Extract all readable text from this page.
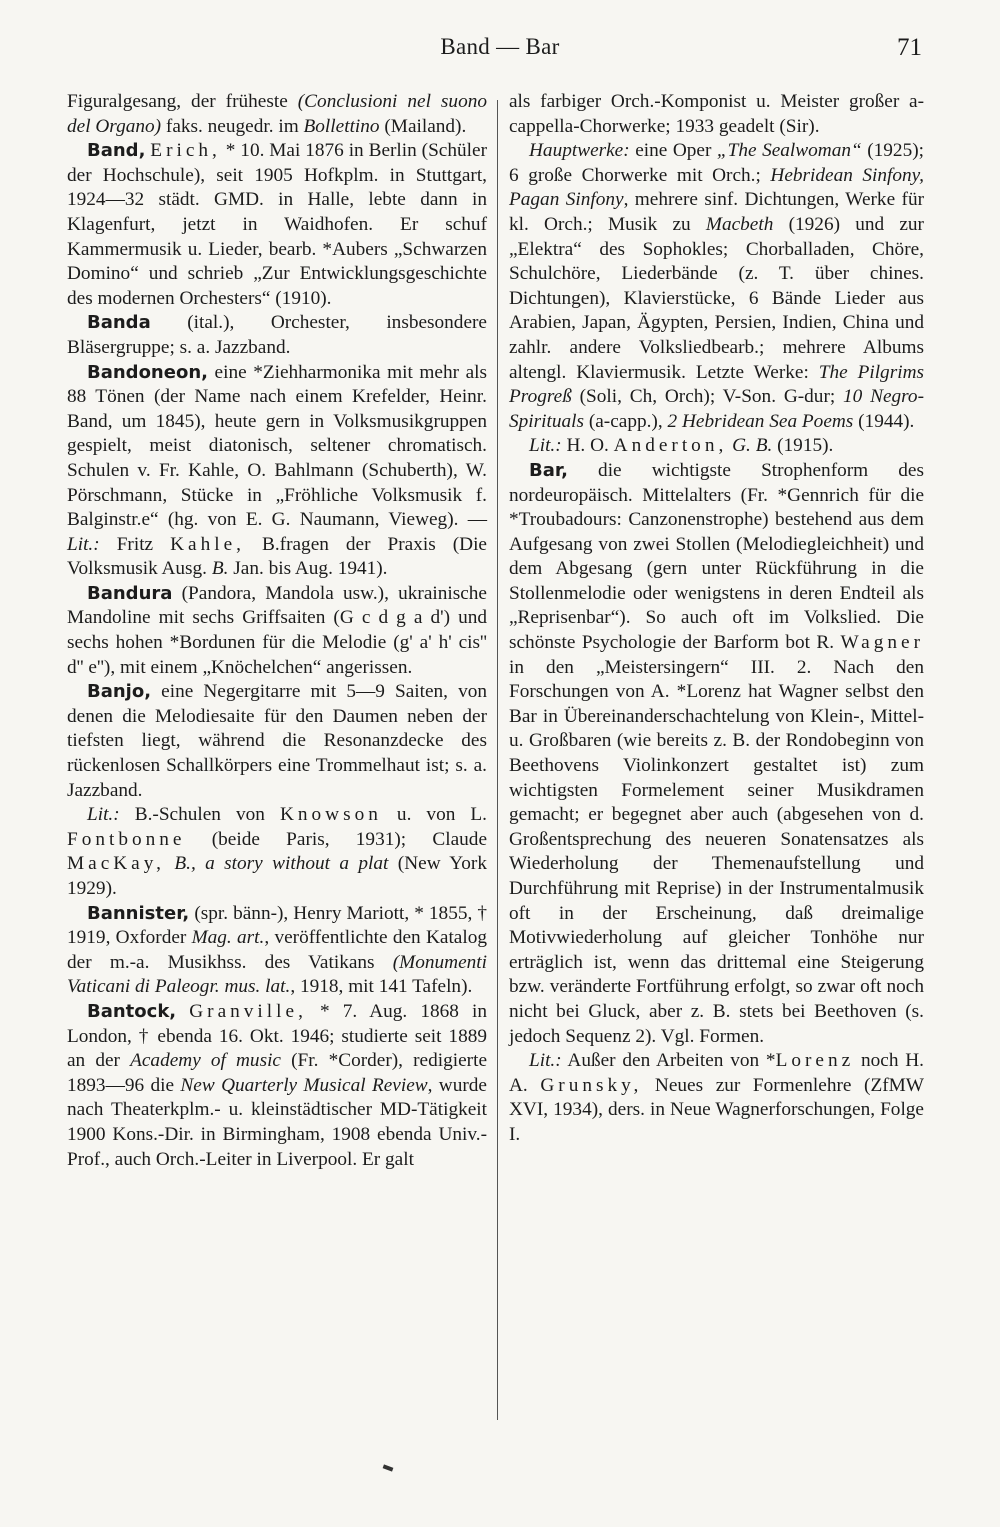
Band — Bar	71

Figuralgesang, der früheste (Conclusioni nel suono del Organo) faks. neugedr. im Bollettino (Mailand).

Band, Erich, * 10. Mai 1876 in Berlin (Schüler der Hochschule), seit 1905 Hofkplm. in Stuttgart, 1924—32 städt. GMD. in Halle, lebte dann in Klagenfurt, jetzt in Waidhofen. Er schuf Kammermusik u. Lieder, bearb. *Aubers „Schwarzen Domino“ und schrieb „Zur Entwicklungsgeschichte des modernen Orchesters“ (1910).

Banda (ital.), Orchester, insbesondere Bläsergruppe; s. a. Jazzband.

Bandoneon, eine *Ziehharmonika mit mehr als 88 Tönen (der Name nach einem Krefelder, Heinr. Band, um 1845), heute gern in Volksmusikgruppen gespielt, meist diatonisch, seltener chromatisch. Schulen v. Fr. Kahle, O. Bahlmann (Schuberth), W. Pörschmann, Stücke in „Fröhliche Volksmusik f. Balginstr.e“ (hg. von E. G. Naumann, Vieweg). — Lit.: Fritz Kahle, B.fragen der Praxis (Die Volksmusik Ausg. B. Jan. bis Aug. 1941).

Bandura (Pandora, Mandola usw.), ukrainische Mandoline mit sechs Griffsaiten (G c d g a d') und sechs hohen *Bordunen für die Melodie (g' a' h' cis'' d'' e''), mit einem „Knöchelchen“ angerissen.

Banjo, eine Negergitarre mit 5—9 Saiten, von denen die Melodiesaite für den Daumen neben der tiefsten liegt, während die Resonanzdecke des rückenlosen Schallkörpers eine Trommelhaut ist; s. a. Jazzband.

Lit.: B.-Schulen von Knowson u. von L. Fontbonne (beide Paris, 1931); Claude MacKay, B., a story without a plat (New York 1929).

Bannister, (spr. bänn-), Henry Mariott, * 1855, † 1919, Oxforder Mag. art., veröffentlichte den Katalog der m.-a. Musikhss. des Vatikans (Monumenti Vaticani di Paleogr. mus. lat., 1918, mit 141 Tafeln).

Bantock, Granville, * 7. Aug. 1868 in London, † ebenda 16. Okt. 1946; studierte seit 1889 an der Academy of music (Fr. *Corder), redigierte 1893—96 die New Quarterly Musical Review, wurde nach Theaterkplm.- u. kleinstädtischer MD-Tätigkeit 1900 Kons.-Dir. in Birmingham, 1908 ebenda Univ.-Prof., auch Orch.-Leiter in Liverpool. Er galt

als farbiger Orch.-Komponist u. Meister großer a-cappella-Chorwerke; 1933 geadelt (Sir).

Hauptwerke: eine Oper „The Sealwoman“ (1925); 6 große Chorwerke mit Orch.; Hebridean Sinfony, Pagan Sinfony, mehrere sinf. Dichtungen, Werke für kl. Orch.; Musik zu Macbeth (1926) und zur „Elektra“ des Sophokles; Chorballaden, Chöre, Schulchöre, Liederbände (z. T. über chines. Dichtungen), Klavierstücke, 6 Bände Lieder aus Arabien, Japan, Ägypten, Persien, Indien, China und zahlr. andere Volksliedbearb.; mehrere Albums altengl. Klaviermusik. Letzte Werke: The Pilgrims Progreß (Soli, Ch, Orch); V-Son. G-dur; 10 Negro-Spirituals (a-capp.), 2 Hebridean Sea Poems (1944).

Lit.: H. O. Anderton, G. B. (1915).

Bar, die wichtigste Strophenform des nordeuropäisch. Mittelalters (Fr. *Gennrich für die *Troubadours: Canzonenstrophe) bestehend aus dem Aufgesang von zwei Stollen (Melodiegleichheit) und dem Abgesang (gern unter Rückführung in die Stollenmelodie oder wenigstens in deren Endteil als „Reprisenbar“). So auch oft im Volkslied. Die schönste Psychologie der Barform bot R. Wagner in den „Meistersingern“ III. 2. Nach den Forschungen von A. *Lorenz hat Wagner selbst den Bar in Übereinanderschachtelung von Klein-, Mittel- u. Großbaren (wie bereits z. B. der Rondobeginn von Beethovens Violinkonzert gestaltet ist) zum wichtigsten Formelement seiner Musikdramen gemacht; er begegnet aber auch (abgesehen von d. Großentsprechung des neueren Sonatensatzes als Wiederholung der Themenaufstellung und Durchführung mit Reprise) in der Instrumentalmusik oft in der Erscheinung, daß dreimalige Motivwiederholung auf gleicher Tonhöhe nur erträglich ist, wenn das drittemal eine Steigerung bzw. veränderte Fortführung erfolgt, so zwar oft noch nicht bei Gluck, aber z. B. stets bei Beethoven (s. jedoch Sequenz 2). Vgl. Formen.

Lit.: Außer den Arbeiten von *Lorenz noch H. A. Grunsky, Neues zur Formenlehre (ZfMW XVI, 1934), ders. in Neue Wagnerforschungen, Folge I.
